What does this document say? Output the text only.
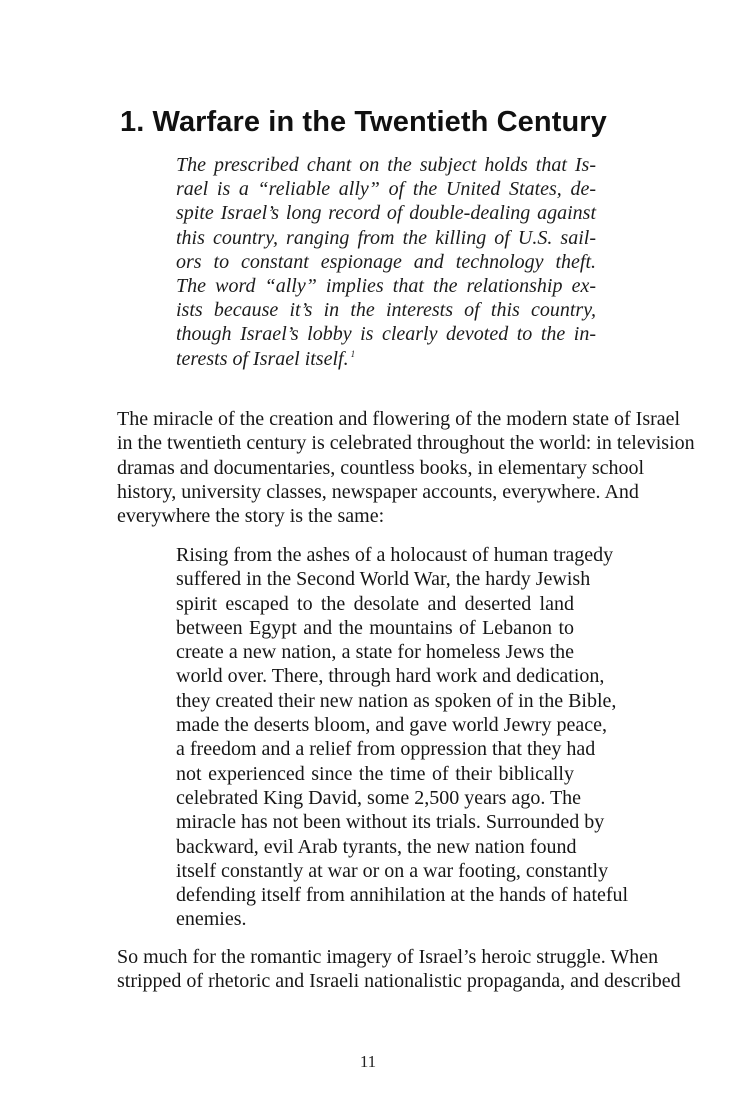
1. Warfare in the Twentieth Century
The prescribed chant on the subject holds that Is-
rael is a “reliable ally” of the United States, de-
spite Israel’s long record of double-dealing against
this country, ranging from the killing of U.S. sail-
ors to constant espionage and technology theft.
The word “ally” implies that the relationship ex-
ists because it’s in the interests of this country,
though Israel’s lobby is clearly devoted to the in-
terests of Israel itself. $^1$
The miracle of the creation and flowering of the modern state of Israel
in the twentieth century is celebrated throughout the world: in television
dramas and documentaries, countless books, in elementary school
history, university classes, newspaper accounts, everywhere. And
everywhere the story is the same:
Rising from the ashes of a holocaust of human tragedy
suffered in the Second World War, the hardy Jewish
spirit escaped to the desolate and deserted land
between Egypt and the mountains of Lebanon to
create a new nation, a state for homeless Jews the
world over. There, through hard work and dedication,
they created their new nation as spoken of in the Bible,
made the deserts bloom, and gave world Jewry peace,
a freedom and a relief from oppression that they had
not experienced since the time of their biblically
celebrated King David, some 2,500 years ago. The
miracle has not been without its trials. Surrounded by
backward, evil Arab tyrants, the new nation found
itself constantly at war or on a war footing, constantly
defending itself from annihilation at the hands of hateful
enemies.
So much for the romantic imagery of Israel’s heroic struggle. When
stripped of rhetoric and Israeli nationalistic propaganda, and described
11
